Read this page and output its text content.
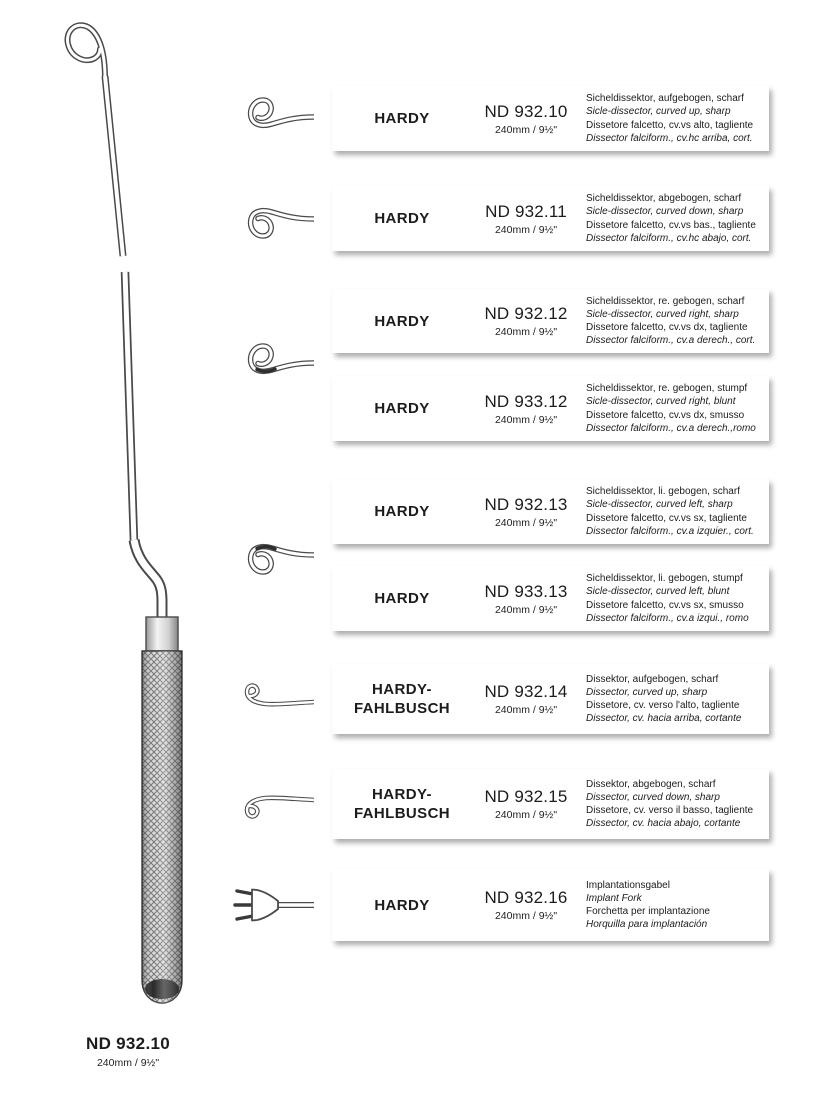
ND 932.10
240mm / 9½"
HARDY	ND 932.10
240mm / 9½"
Sicheldissektor, aufgebogen, scharf
Sicle-dissector, curved up, sharp
Dissetore falcetto, cv.vs alto, tagliente
Dissector falciform., cv.hc arriba, cort.
HARDY	ND 932.11
240mm / 9½"
Sicheldissektor, abgebogen, scharf
Sicle-dissector, curved down, sharp
Dissetore falcetto, cv.vs bas., tagliente
Dissector falciform., cv.hc abajo, cort.
HARDY	ND 932.12
240mm / 9½"
Sicheldissektor, re. gebogen, scharf
Sicle-dissector, curved right, sharp
Dissetore falcetto, cv.vs dx, tagliente
Dissector falciform., cv.a derech., cort.
HARDY	ND 933.12
240mm / 9½"
Sicheldissektor, re. gebogen, stumpf
Sicle-dissector, curved right, blunt
Dissetore falcetto, cv.vs dx, smusso
Dissector falciform., cv.a derech.,romo
HARDY	ND 932.13
240mm / 9½"
Sicheldissektor, li. gebogen, scharf
Sicle-dissector, curved left, sharp
Dissetore falcetto, cv.vs sx, tagliente
Dissector falciform., cv.a izquier., cort.
HARDY	ND 933.13
240mm / 9½"
Sicheldissektor, li. gebogen, stumpf
Sicle-dissector, curved left, blunt
Dissetore falcetto, cv.vs sx, smusso
Dissector falciform., cv.a izqui., romo
HARDY-FAHLBUSCH
ND 932.14
240mm / 9½"
Dissektor, aufgebogen, scharf
Dissector, curved up, sharp
Dissetore, cv. verso l'alto, tagliente
Dissector, cv. hacia arriba, cortante
HARDY-FAHLBUSCH
ND 932.15
240mm / 9½"
Dissektor, abgebogen, scharf
Dissector, curved down, sharp
Dissetore, cv. verso il basso, tagliente
Dissector, cv. hacia abajo, cortante
HARDY	ND 932.16
240mm / 9½"
Implantationsgabel
Implant Fork
Forchetta per implantazione
Horquilla para implantación
